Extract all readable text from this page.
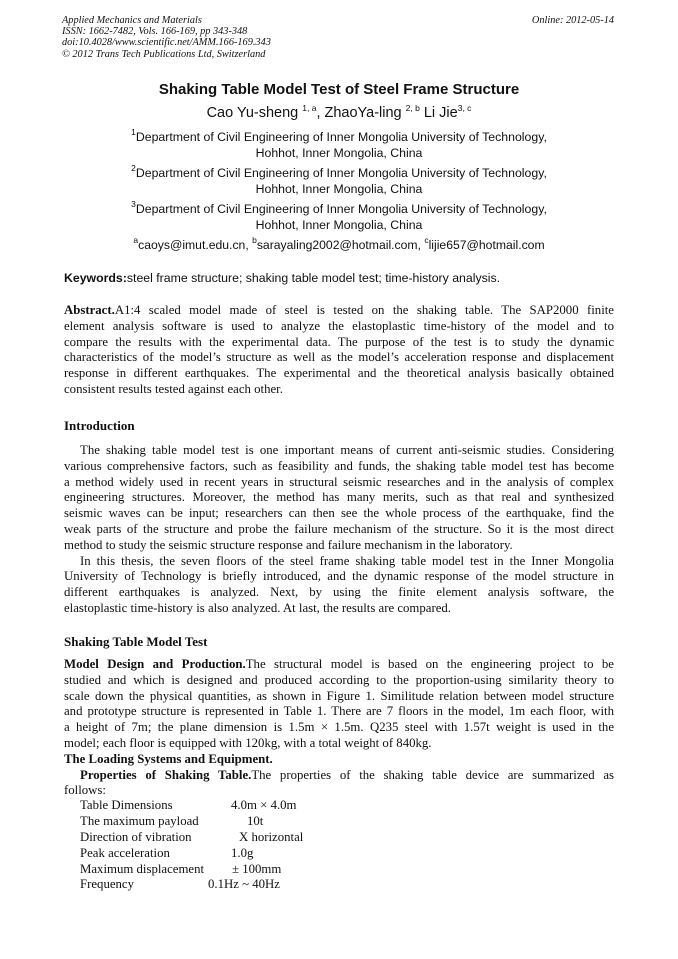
Applied Mechanics and Materials
ISSN: 1662-7482, Vols. 166-169, pp 343-348
doi:10.4028/www.scientific.net/AMM.166-169.343
© 2012 Trans Tech Publications Ltd, Switzerland
Online: 2012-05-14
Shaking Table Model Test of Steel Frame Structure
Cao Yu-sheng $^{1, a}$, ZhaoYa-ling $^{2, b}$ Li Jie$^{3, c}$
$^1$Department of Civil Engineering of Inner Mongolia University of Technology,
Hohhot, Inner Mongolia, China
$^2$Department of Civil Engineering of Inner Mongolia University of Technology,
Hohhot, Inner Mongolia, China
$^3$Department of Civil Engineering of Inner Mongolia University of Technology,
Hohhot, Inner Mongolia, China
$^a$caoys@imut.edu.cn, $^b$sarayaling2002@hotmail.com, $^c$lijie657@hotmail.com
Keywords:steel frame structure; shaking table model test; time-history analysis.
Abstract.A1:4 scaled model made of steel is tested on the shaking table. The SAP2000 finite
element analysis software is used to analyze the elastoplastic time-history of the model and to
compare the results with the experimental data. The purpose of the test is to study the dynamic
characteristics of the model’s structure as well as the model’s acceleration response and displacement
response in different earthquakes. The experimental and the theoretical analysis basically obtained
consistent results tested against each other.
Introduction
The shaking table model test is one important means of current anti-seismic studies. Considering
various comprehensive factors, such as feasibility and funds, the shaking table model test has become
a method widely used in recent years in structural seismic researches and in the analysis of complex
engineering structures. Moreover, the method has many merits, such as that real and synthesized
seismic waves can be input; researchers can then see the whole process of the earthquake, find the
weak parts of the structure and probe the failure mechanism of the structure. So it is the most direct
method to study the seismic structure response and failure mechanism in the laboratory.
In this thesis, the seven floors of the steel frame shaking table model test in the Inner Mongolia
University of Technology is briefly introduced, and the dynamic response of the model structure in
different earthquakes is analyzed. Next, by using the finite element analysis software, the
elastoplastic time-history is also analyzed. At last, the results are compared.
Shaking Table Model Test
Model Design and Production.The structural model is based on the engineering project to be
studied and which is designed and produced according to the proportion-using similarity theory to
scale down the physical quantities, as shown in Figure 1. Similitude relation between model structure
and prototype structure is represented in Table 1. There are 7 floors in the model, 1m each floor, with
a height of 7m; the plane dimension is 1.5m × 1.5m. Q235 steel with 1.57t weight is used in the
model; each floor is equipped with 120kg, with a total weight of 840kg.
The Loading Systems and Equipment.
Properties of Shaking Table.The properties of the shaking table device are summarized as
follows:
Table Dimensions	4.0m × 4.0m
The maximum payload	10t
Direction of vibration	X horizontal
Peak acceleration	1.0g
Maximum displacement ± 100mm
Frequency	0.1Hz ~ 40Hz
